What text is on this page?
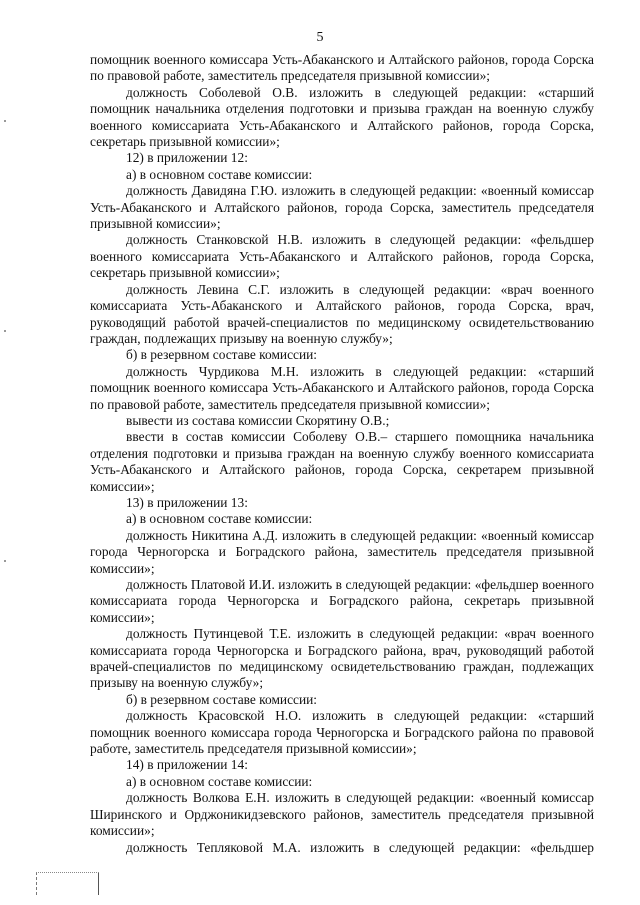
5

помощник военного комиссара Усть-Абаканского и Алтайского районов, города Сорска по правовой работе, заместитель председателя призывной комиссии»;

должность Соболевой О.В. изложить в следующей редакции: «старший помощник начальника отделения подготовки и призыва граждан на военную службу военного комиссариата Усть-Абаканского и Алтайского районов, города Сорска, секретарь призывной комиссии»;

12) в приложении 12:

а) в основном составе комиссии:

должность Давидяна Г.Ю. изложить в следующей редакции: «военный комиссар Усть-Абаканского и Алтайского районов, города Сорска, заместитель председателя призывной комиссии»;

должность Станковской Н.В. изложить в следующей редакции: «фельдшер военного комиссариата Усть-Абаканского и Алтайского районов, города Сорска, секретарь призывной комиссии»;

должность Левина С.Г. изложить в следующей редакции: «врач военного комиссариата Усть-Абаканского и Алтайского районов, города Сорска, врач, руководящий работой врачей-специалистов по медицинскому освидетельствованию граждан, подлежащих призыву на военную службу»;

б) в резервном составе комиссии:

должность Чурдикова М.Н. изложить в следующей редакции: «старший помощник военного комиссара Усть-Абаканского и Алтайского районов, города Сорска по правовой работе, заместитель председателя призывной комиссии»;

вывести из состава комиссии Скорятину О.В.;

ввести в состав комиссии Соболеву О.В.– старшего помощника начальника отделения подготовки и призыва граждан на военную службу военного комиссариата Усть-Абаканского и Алтайского районов, города Сорска, секретарем призывной комиссии»;

13) в приложении 13:

а) в основном составе комиссии:

должность Никитина А.Д. изложить в следующей редакции: «военный комиссар города Черногорска и Боградского района, заместитель председателя призывной комиссии»;

должность Платовой И.И. изложить в следующей редакции: «фельдшер военного комиссариата города Черногорска и Боградского района, секретарь призывной комиссии»;

должность Путинцевой Т.Е. изложить в следующей редакции: «врач военного комиссариата города Черногорска и Боградского района, врач, руководящий работой врачей-специалистов по медицинскому освидетельствованию граждан, подлежащих призыву на военную службу»;

б) в резервном составе комиссии:

должность Красовской Н.О. изложить в следующей редакции: «старший помощник военного комиссара города Черногорска и Боградского района по правовой работе, заместитель председателя призывной комиссии»;

14) в приложении 14:

а) в основном составе комиссии:

должность Волкова Е.Н. изложить в следующей редакции: «военный комиссар Ширинского и Орджоникидзевского районов, заместитель председателя призывной комиссии»;

должность Тепляковой М.А. изложить в следующей редакции: «фельдшер
